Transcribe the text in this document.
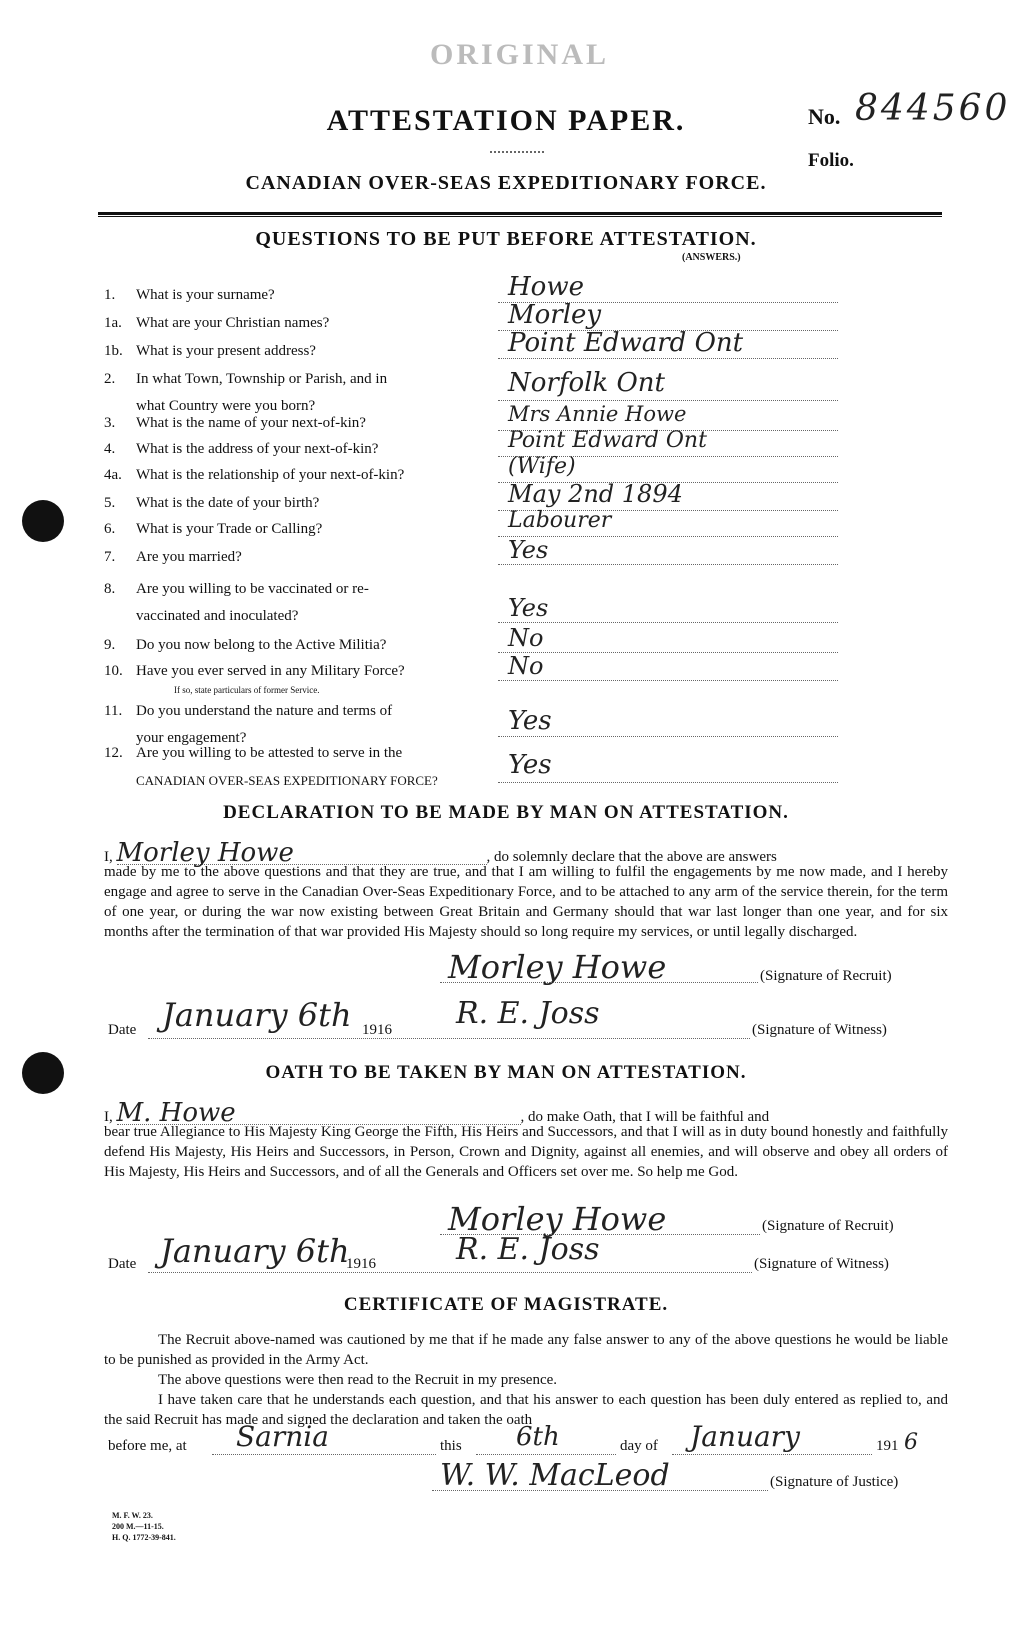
ORIGINAL
ATTESTATION PAPER.	No. 844560
Folio.
CANADIAN OVER-SEAS EXPEDITIONARY FORCE.
QUESTIONS TO BE PUT BEFORE ATTESTATION.
(ANSWERS.)
1. What is your surname?	Howe
1a. What are your Christian names?	Morley
1b. What is your present address?	Point Edward Ont
2. In what Town, Township or Parish, and in
what Country were you born?
Norfolk Ont
3. What is the name of your next-of-kin?	Mrs Annie Howe
4. What is the address of your next-of-kin?	Point Edward Ont
4a. What is the relationship of your next-of-kin?	(Wife)
5. What is the date of your birth?	May 2nd 1894
6. What is your Trade or Calling?	Labourer
7. Are you married?	Yes
8. Are you willing to be vaccinated or re-
vaccinated and inoculated?	Yes
9. Do you now belong to the Active Militia?	No
10. Have you ever served in any Military Force?
If so, state particulars of former Service.
No
11. Do you understand the nature and terms of
your engagement?
Yes
12. Are you willing to be attested to serve in the
CANADIAN OVER-SEAS EXPEDITIONARY FORCE?
Yes
DECLARATION TO BE MADE BY MAN ON ATTESTATION.
I, Morley Howe	, do solemnly declare that the above are answers
made by me to the above questions and that they are true, and that I am willing to fulfil the engagements by me now made, and I hereby engage and agree to serve in the Canadian Over-Seas Expeditionary Force, and to be attached to any arm of the service therein, for the term of one year, or during the war now existing between Great Britain and Germany should that war last longer than one year, and for six months after the termination of that war provided His Majesty should so long require my services, or until legally discharged.
Morley Howe	(Signature of Recruit)
Date January 6th 1916 R. E. Joss	(Signature of Witness)
OATH TO BE TAKEN BY MAN ON ATTESTATION.
I, M. Howe	, do make Oath, that I will be faithful and
bear true Allegiance to His Majesty King George the Fifth, His Heirs and Successors, and that I will as in duty bound honestly and faithfully defend His Majesty, His Heirs and Successors, in Person, Crown and Dignity, against all enemies, and will observe and obey all orders of His Majesty, His Heirs and Successors, and of all the Generals and Officers set over me. So help me God.
Morley Howe	(Signature of Recruit)
Date January 6th
1916	R. E. Joss	(Signature of Witness)
CERTIFICATE OF MAGISTRATE.
The Recruit above-named was cautioned by me that if he made any false answer to any of the above questions he would be liable to be punished as provided in the Army Act.
The above questions were then read to the Recruit in my presence.
I have taken care that he understands each question, and that his answer to each question has been duly entered as replied to, and the said Recruit has made and signed the declaration and taken the oath
before me, at Sarnia	this 6th	day of January	191 6
W. W. MacLeod	(Signature of Justice)
M. F. W. 23.
200 M.—11-15.
H. Q. 1772-39-841.
